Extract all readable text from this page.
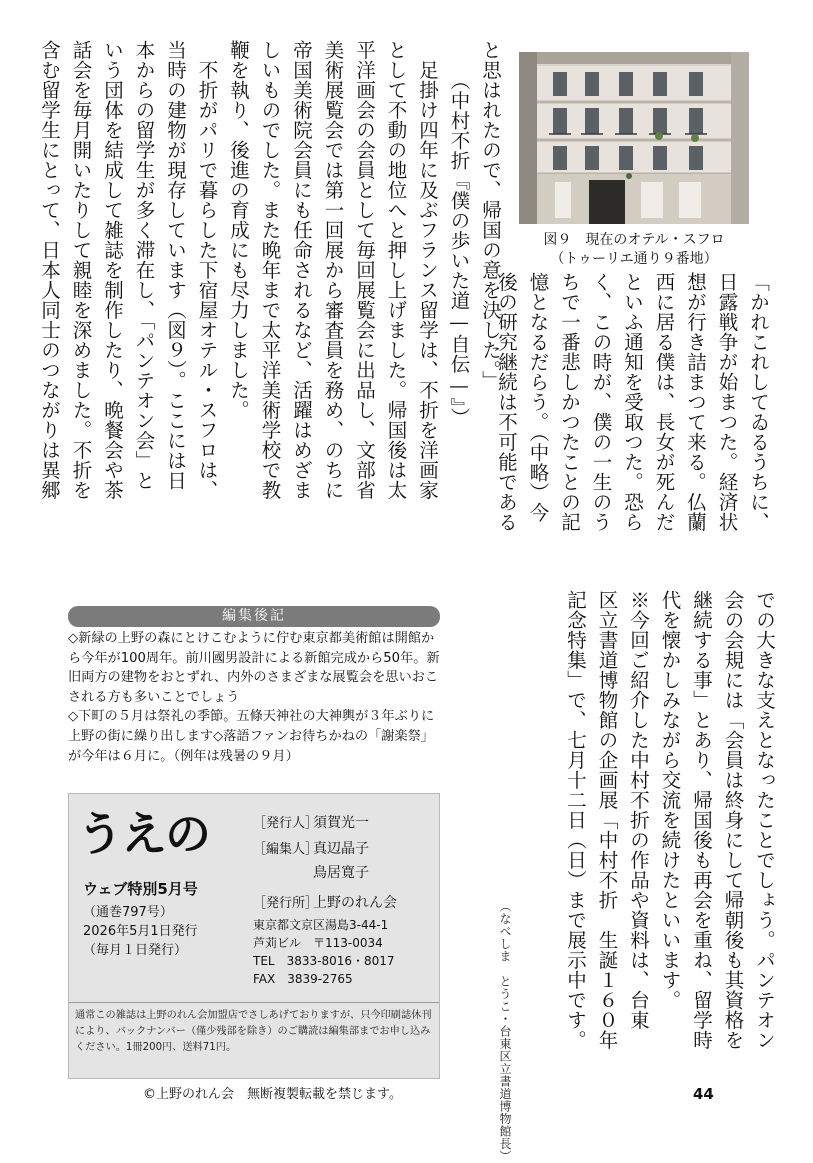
と思はれたので、帰国の意を決した。」
　　（中村不折『僕の歩いた道—自伝—』）
　足掛け四年に及ぶフランス留学は、不折を洋画家
として不動の地位へと押し上げました。帰国後は太
平洋画会の会員として毎回展覧会に出品し、文部省
美術展覧会では第一回展から審査員を務め、のちに
帝国美術院会員にも任命されるなど、活躍はめざま
しいものでした。また晩年まで太平洋美術学校で教
鞭を執り、後進の育成にも尽力しました。
　不折がパリで暮らした下宿屋オテル・スフロは、
当時の建物が現存しています（図９）。ここには日
本からの留学生が多く滞在し、「パンテオン会」と
いう団体を結成して雑誌を制作したり、晩餐会や茶
話会を毎月開いたりして親睦を深めました。不折を
含む留学生にとって、日本人同士のつながりは異郷	図９　現在のオテル・スフロ
（トゥーリエ通り９番地）
「かれこれしてゐるうちに、
日露戦争が始まつた。経済状
想が行き詰まつて来る。仏蘭
西に居る僕は、長女が死んだ
といふ通知を受取つた。恐ら
く、この時が、僕の一生のう
ちで一番悲しかつたことの記
憶となるだらう。（中略）今
後の研究継続は不可能である
での大きな支えとなったことでしょう。パンテオン
会の会規には「会員は終身にして帰朝後も其資格を
継続する事」とあり、帰国後も再会を重ね、留学時
代を懐かしみながら交流を続けたといいます。
※今回ご紹介した中村不折の作品や資料は、台東
区立書道博物館の企画展「中村不折　生誕１６０年
記念特集」で、七月十二日（日）まで展示中です。
（なべしま　とうこ・台東区立書道博物館長）
編集後記

◇新緑の上野の森にとけこむように佇む東京都美術館は開館から今年が100周年。前川國男設計による新館完成から50年。新旧両方の建物をおとずれ、内外のさまざまな展覧会を思いおこされる方も多いことでしょう

◇下町の５月は祭礼の季節。五條天神社の大神輿が３年ぶりに上野の街に繰り出します◇落語ファンお待ちかねの「謝楽祭」が今年は６月に。（例年は残暑の９月）

うえの
ウェブ特別5月号
（通巻797号）
2026年5月1日発行
（毎月１日発行）
［発行人］須賀光一
［編集人］真辺晶子
鳥居寛子
［発行所］上野のれん会
東京都文京区湯島3-44-1
芦苅ビル　〒113-0034
TEL　3833-8016・8017
FAX　3839-2765
通常この雑誌は上野のれん会加盟店でさしあげておりますが、只今印刷誌休刊により、バックナンバー（僅少残部を除き）のご購読は編集部までお申し込みください。1冊200円、送料71円。
©上野のれん会　無断複製転載を禁じます。	44
